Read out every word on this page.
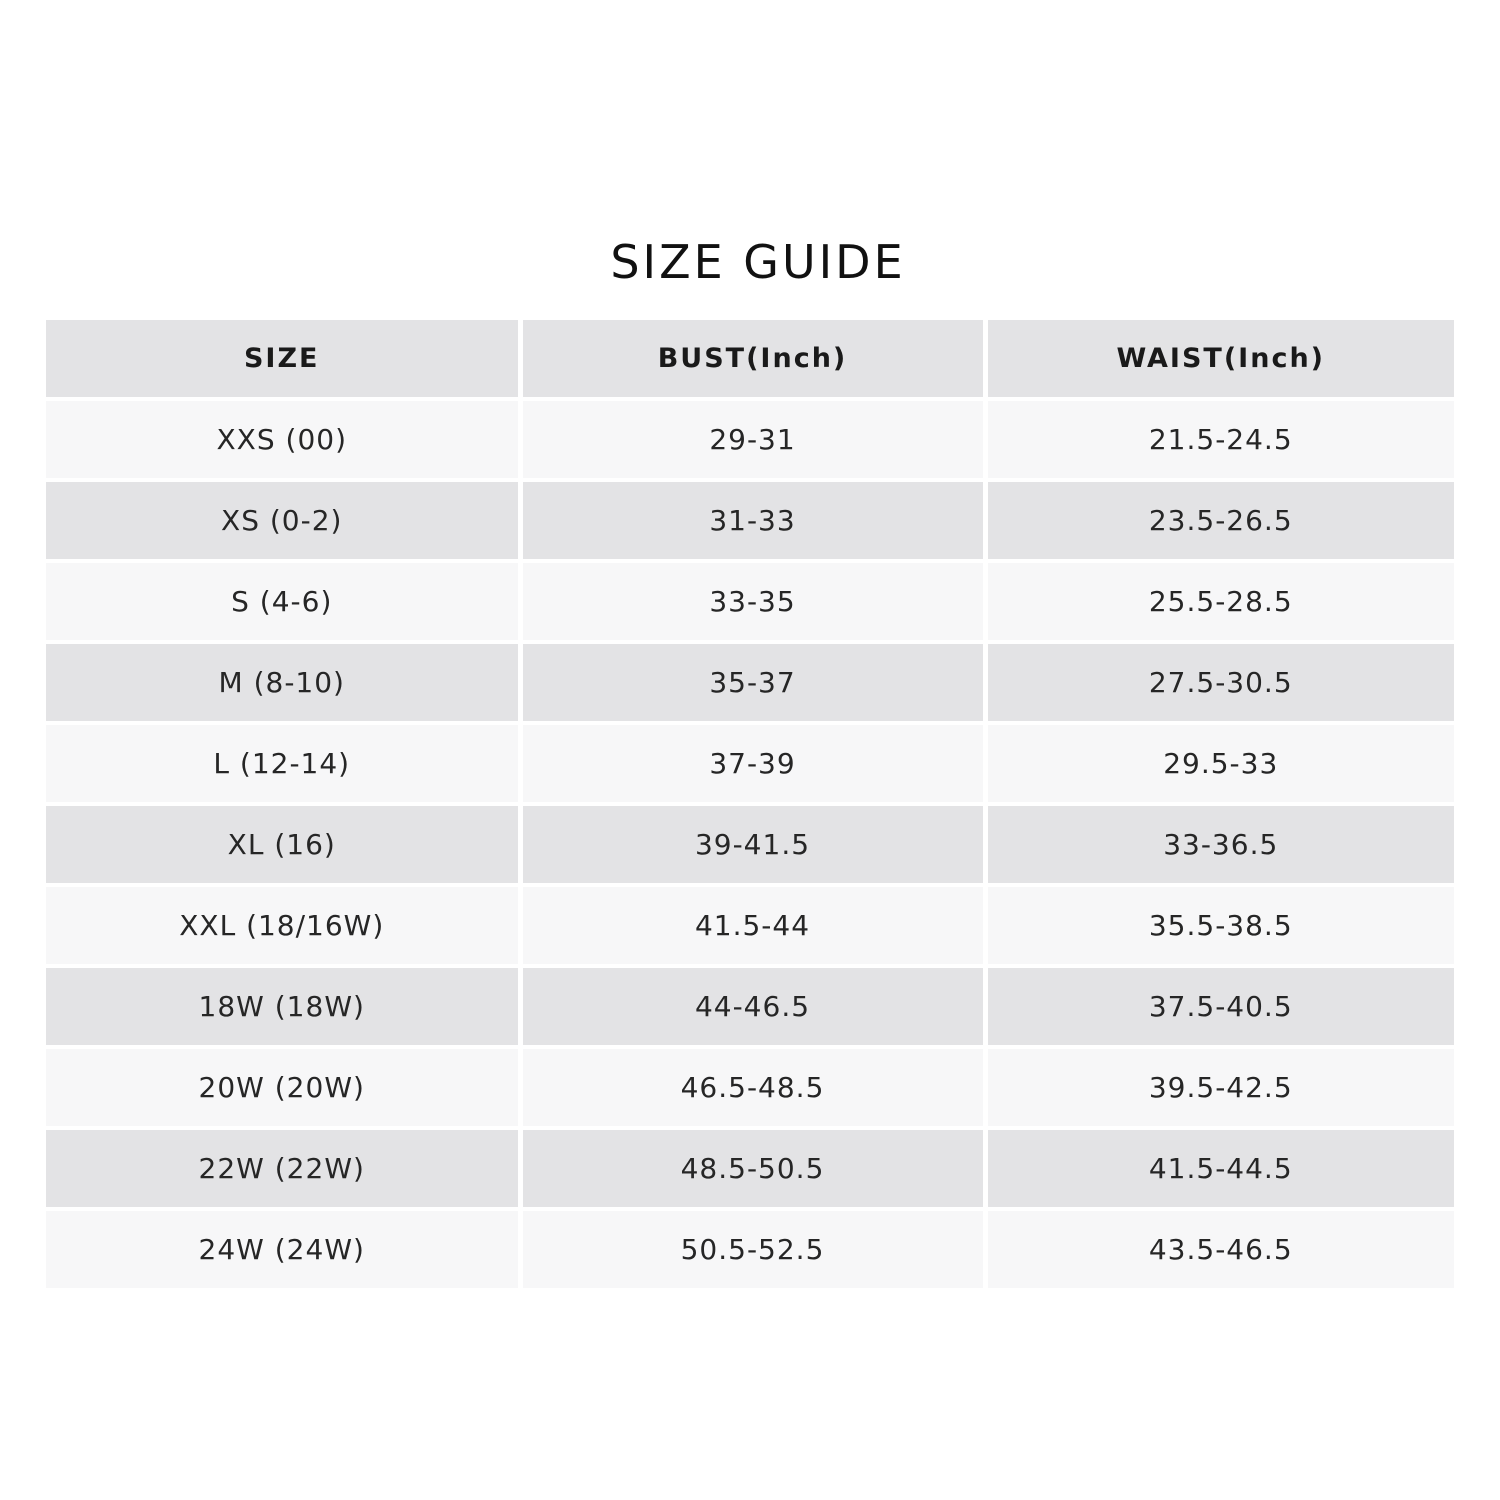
SIZE GUIDE
SIZE	BUST(Inch)	WAIST(Inch)
XXS (00)	29-31	21.5-24.5
XS (0-2)	31-33	23.5-26.5
S (4-6)	33-35	25.5-28.5
M (8-10)	35-37	27.5-30.5
L (12-14)	37-39	29.5-33
XL (16)	39-41.5	33-36.5
XXL (18/16W)	41.5-44	35.5-38.5
18W (18W)	44-46.5	37.5-40.5
20W (20W)	46.5-48.5	39.5-42.5
22W (22W)	48.5-50.5	41.5-44.5
24W (24W)	50.5-52.5	43.5-46.5
